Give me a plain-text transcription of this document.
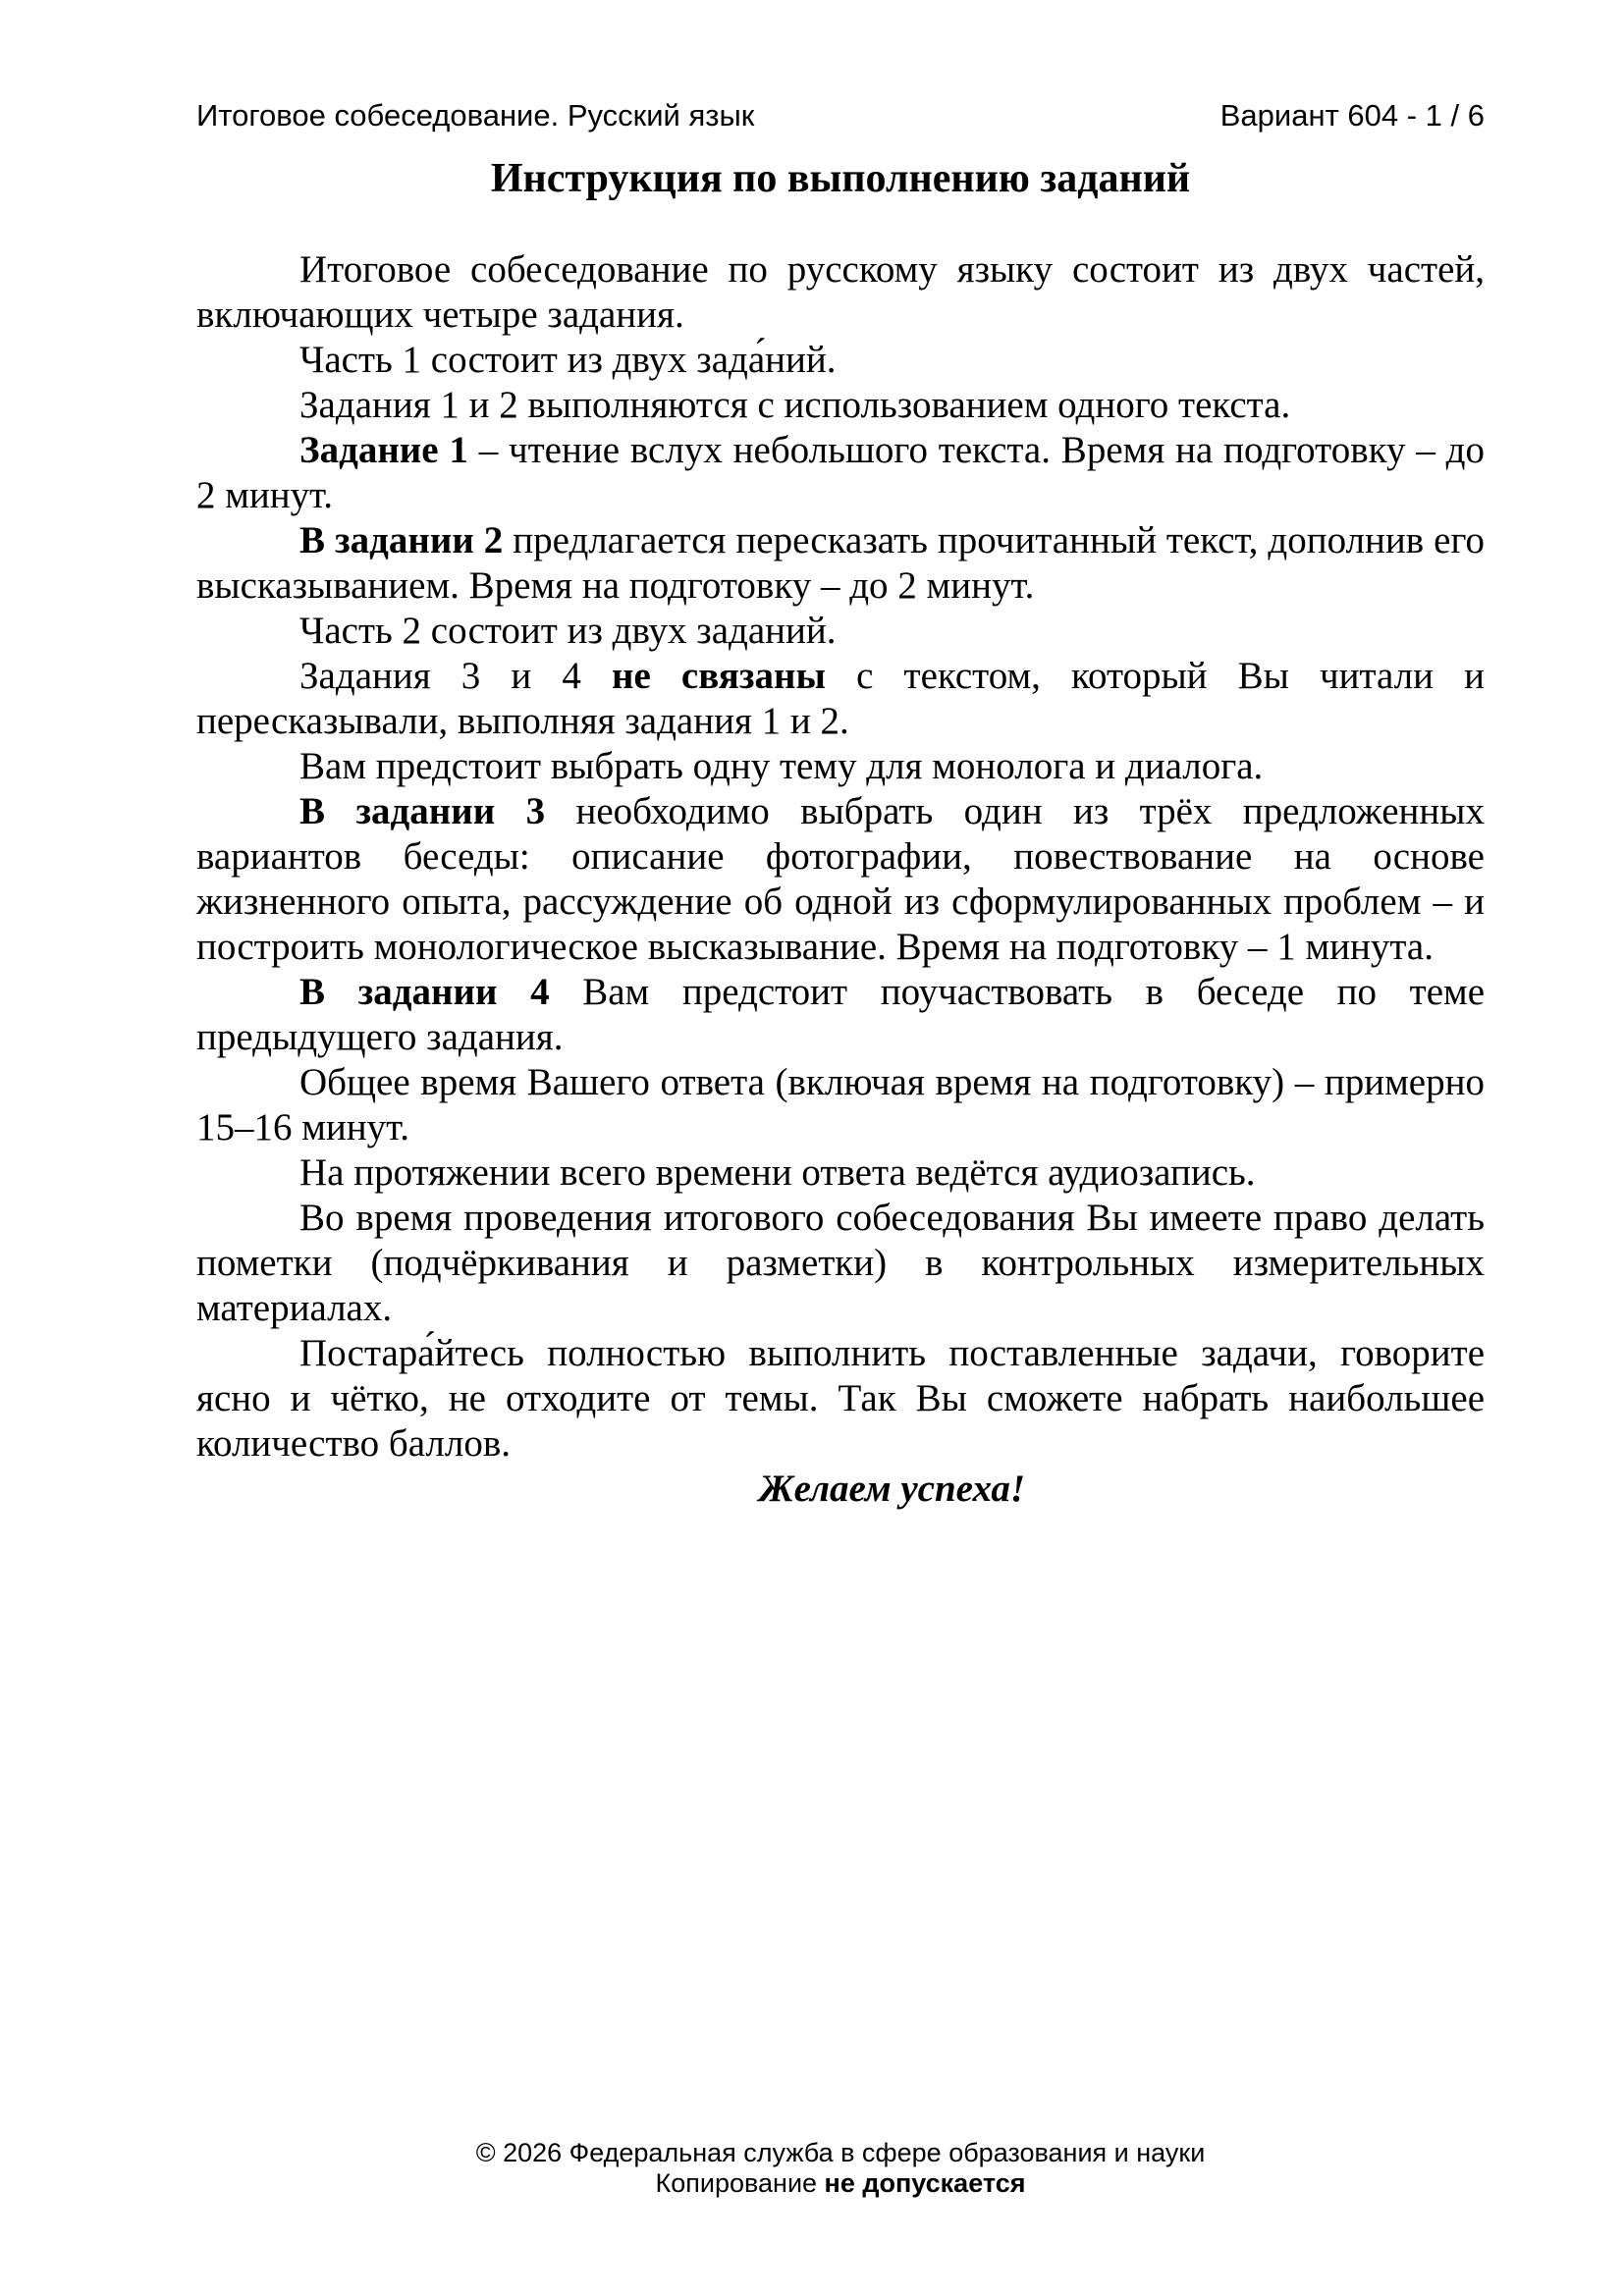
Итоговое собеседование. Русский язык	Вариант 604 - 1 / 6
Инструкция по выполнению заданий

Итоговое собеседование по русскому языку состоит из двух частей, включающих четыре задания.

Часть 1 состоит из двух зада́ний.

Задания 1 и 2 выполняются с использованием одного текста.

Задание 1 – чтение вслух небольшого текста. Время на подготовку – до 2 минут.

В задании 2 предлагается пересказать прочитанный текст, дополнив его высказыванием. Время на подготовку – до 2 минут.

Часть 2 состоит из двух заданий.

Задания 3 и 4 не связаны с текстом, который Вы читали и пересказывали, выполняя задания 1 и 2.

Вам предстоит выбрать одну тему для монолога и диалога.

В задании 3 необходимо выбрать один из трёх предложенных вариантов беседы: описание фотографии, повествование на основе жизненного опыта, рассуждение об одной из сформулированных проблем – и построить монологическое высказывание. Время на подготовку – 1 минута.

В задании 4 Вам предстоит поучаствовать в беседе по теме предыдущего задания.

Общее время Вашего ответа (включая время на подготовку) – примерно 15–16 минут.

На протяжении всего времени ответа ведётся аудиозапись.

Во время проведения итогового собеседования Вы имеете право делать пометки (подчёркивания и разметки) в контрольных измерительных материалах.

Постара́йтесь полностью выполнить поставленные задачи, говорите ясно и чётко, не отходите от темы. Так Вы сможете набрать наибольшее количество баллов.

Желаем успеха!

© 2026 Федеральная служба в сфере образования и науки
Копирование не допускается
